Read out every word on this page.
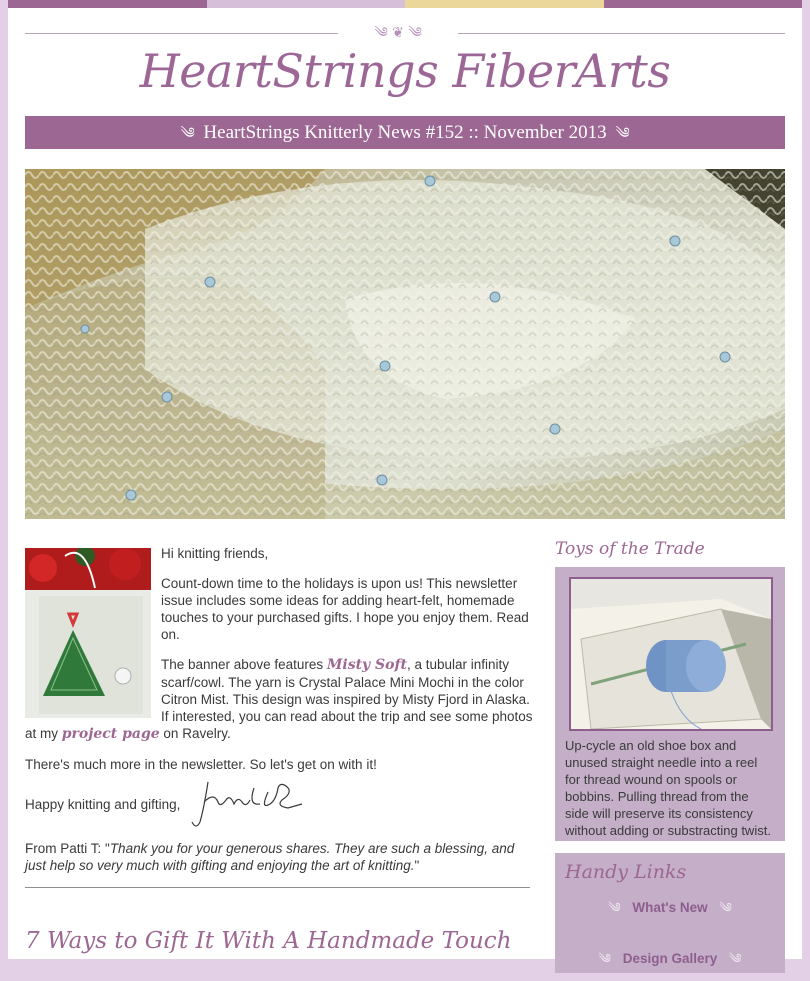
༄ ❦ ༄
HeartStrings FiberArts
༄ HeartStrings Knitterly News #152 :: November 2013 ༄

Hi knitting friends,

Count-down time to the holidays is upon us! This newsletter issue includes some ideas for adding heart-felt, homemade touches to your purchased gifts. I hope you enjoy them. Read on.

The banner above features Misty Soft, a tubular infinity scarf/cowl. The yarn is Crystal Palace Mini Mochi in the color Citron Mist. This design was inspired by Misty Fjord in Alaska. If interested, you can read about the trip and see some photos at my project page on Ravelry.

There's much more in the newsletter. So let's get on with it!

Happy knitting and gifting,

From Patti T: "Thank you for your generous shares. They are such a blessing, and just help so very much with gifting and enjoying the art of knitting."

7 Ways to Gift It With A Handmade Touch
Toys of the Trade
Up-cycle an old shoe box and unused straight needle into a reel for thread wound on spools or bobbins. Pulling thread from the side will preserve its consistency without adding or substracting twist.
Handy Links
༄ What's New ༄
༄ Design Gallery ༄
